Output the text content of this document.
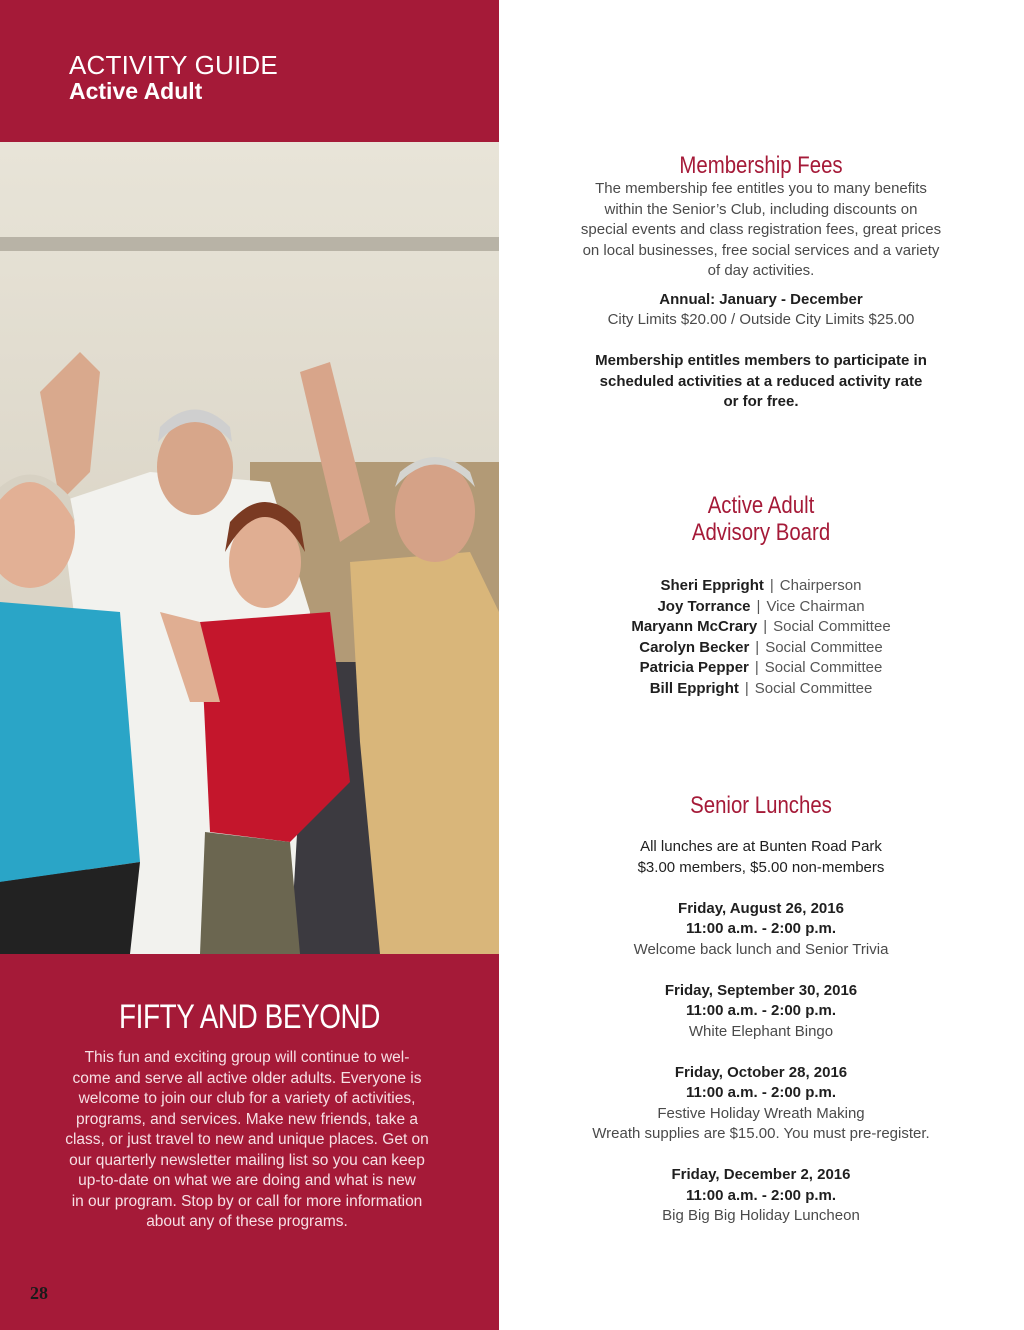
ACTIVITY GUIDE
Active Adult
FIFTY AND BEYOND
This fun and exciting group will continue to wel-
come and serve all active older adults. Everyone is
welcome to join our club for a variety of activities,
programs, and services. Make new friends, take a
class, or just travel to new and unique places. Get on
our quarterly newsletter mailing list so you can keep
up-to-date on what we are doing and what is new
in our program. Stop by or call for more information
about any of these programs.
28
Membership Fees
The membership fee entitles you to many benefits
within the Senior’s Club, including discounts on
special events and class registration fees, great prices
on local businesses, free social services and a variety
of day activities.
Annual: January - December
City Limits $20.00 / Outside City Limits $25.00
Membership entitles members to participate in
scheduled activities at a reduced activity rate
or for free.
Active Adult
Advisory Board
Sheri Eppright | Chairperson
Joy Torrance | Vice Chairman
Maryann McCrary | Social Committee
Carolyn Becker | Social Committee
Patricia Pepper | Social Committee
Bill Eppright | Social Committee
Senior Lunches
All lunches are at Bunten Road Park
$3.00 members, $5.00 non-members
Friday, August 26, 2016
11:00 a.m. - 2:00 p.m.
Welcome back lunch and Senior Trivia
Friday, September 30, 2016
11:00 a.m. - 2:00 p.m.
White Elephant Bingo
Friday, October 28, 2016
11:00 a.m. - 2:00 p.m.
Festive Holiday Wreath Making
Wreath supplies are $15.00. You must pre-register.
Friday, December 2, 2016
11:00 a.m. - 2:00 p.m.
Big Big Big Holiday Luncheon
